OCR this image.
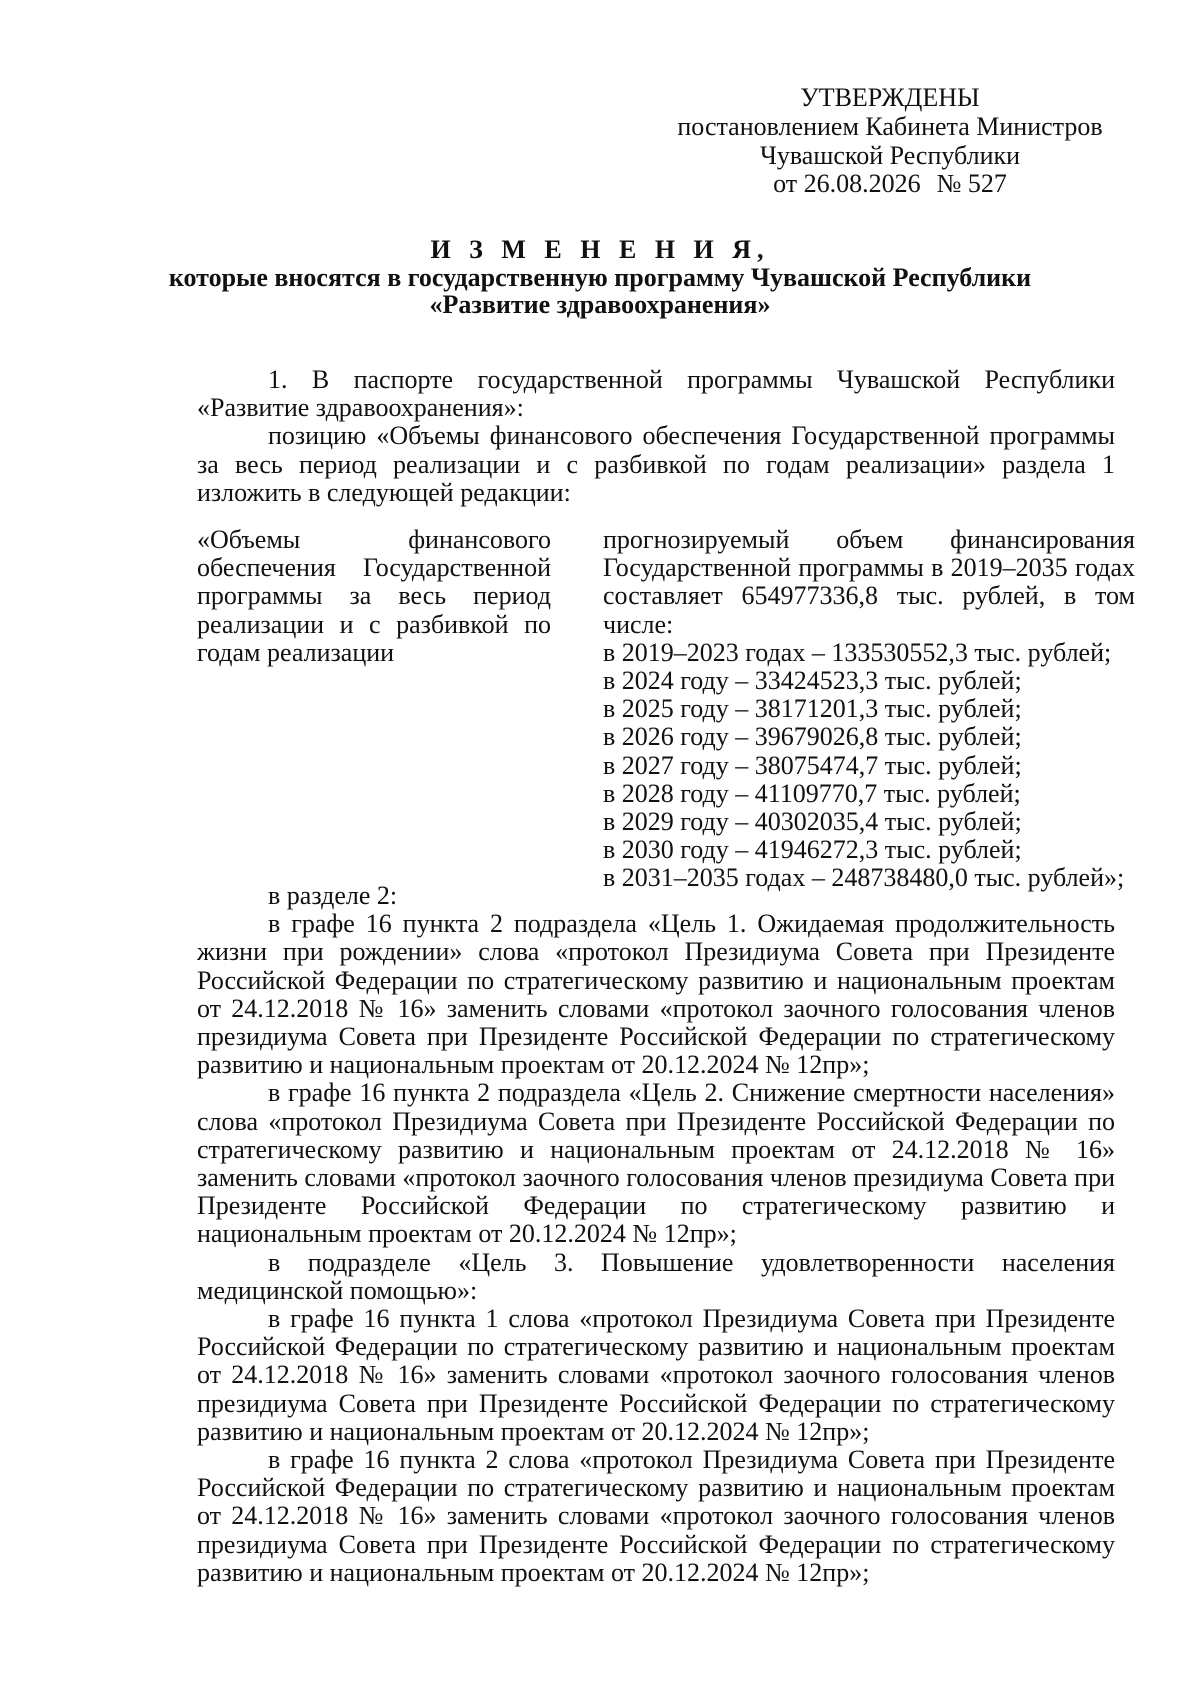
УТВЕРЖДЕНЫ
постановлением Кабинета Министров
Чувашской Республики
от 26.08.2026 № 527
И З М Е Н Е Н И Я,
которые вносятся в государственную программу Чувашской Республики
«Развитие здравоохранения»

1. В паспорте государственной программы Чувашской Республики «Развитие здравоохранения»:

позицию «Объемы финансового обеспечения Государственной программы за весь период реализации и с разбивкой по годам реализации» раздела 1 изложить в следующей редакции:

«Объемы финансового обеспечения Государственной программы за весь период реализации и с разбивкой по годам реализации
прогнозируемый объем финансирования Государственной программы в 2019–2035 годах составляет 654977336,8 тыс. рублей, в том числе:
в 2019–2023 годах – 133530552,3 тыс. рублей;
в 2024 году – 33424523,3 тыс. рублей;
в 2025 году – 38171201,3 тыс. рублей;
в 2026 году – 39679026,8 тыс. рублей;
в 2027 году – 38075474,7 тыс. рублей;
в 2028 году – 41109770,7 тыс. рублей;
в 2029 году – 40302035,4 тыс. рублей;
в 2030 году – 41946272,3 тыс. рублей;
в 2031–2035 годах – 248738480,0 тыс. рублей»;

в разделе 2:

в графе 16 пункта 2 подраздела «Цель 1. Ожидаемая продолжительность жизни при рождении» слова «протокол Президиума Совета при Президенте Российской Федерации по стратегическому развитию и национальным проектам от 24.12.2018 № 16» заменить словами «протокол заочного голосования членов президиума Совета при Президенте Российской Федерации по стратегическому развитию и национальным проектам от 20.12.2024 № 12пр»;

в графе 16 пункта 2 подраздела «Цель 2. Снижение смертности населения» слова «протокол Президиума Совета при Президенте Российской Федерации по стратегическому развитию и национальным проектам от 24.12.2018 № 16» заменить словами «протокол заочного голосования членов президиума Совета при Президенте Российской Федерации по стратегическому развитию и национальным проектам от 20.12.2024 № 12пр»;

в подразделе «Цель 3. Повышение удовлетворенности населения медицинской помощью»:

в графе 16 пункта 1 слова «протокол Президиума Совета при Президенте Российской Федерации по стратегическому развитию и национальным проектам от 24.12.2018 № 16» заменить словами «протокол заочного голосования членов президиума Совета при Президенте Российской Федерации по стратегическому развитию и национальным проектам от 20.12.2024 № 12пр»;

в графе 16 пункта 2 слова «протокол Президиума Совета при Президенте Российской Федерации по стратегическому развитию и национальным проектам от 24.12.2018 № 16» заменить словами «протокол заочного голосования членов президиума Совета при Президенте Российской Федерации по стратегическому развитию и национальным проектам от 20.12.2024 № 12пр»;
